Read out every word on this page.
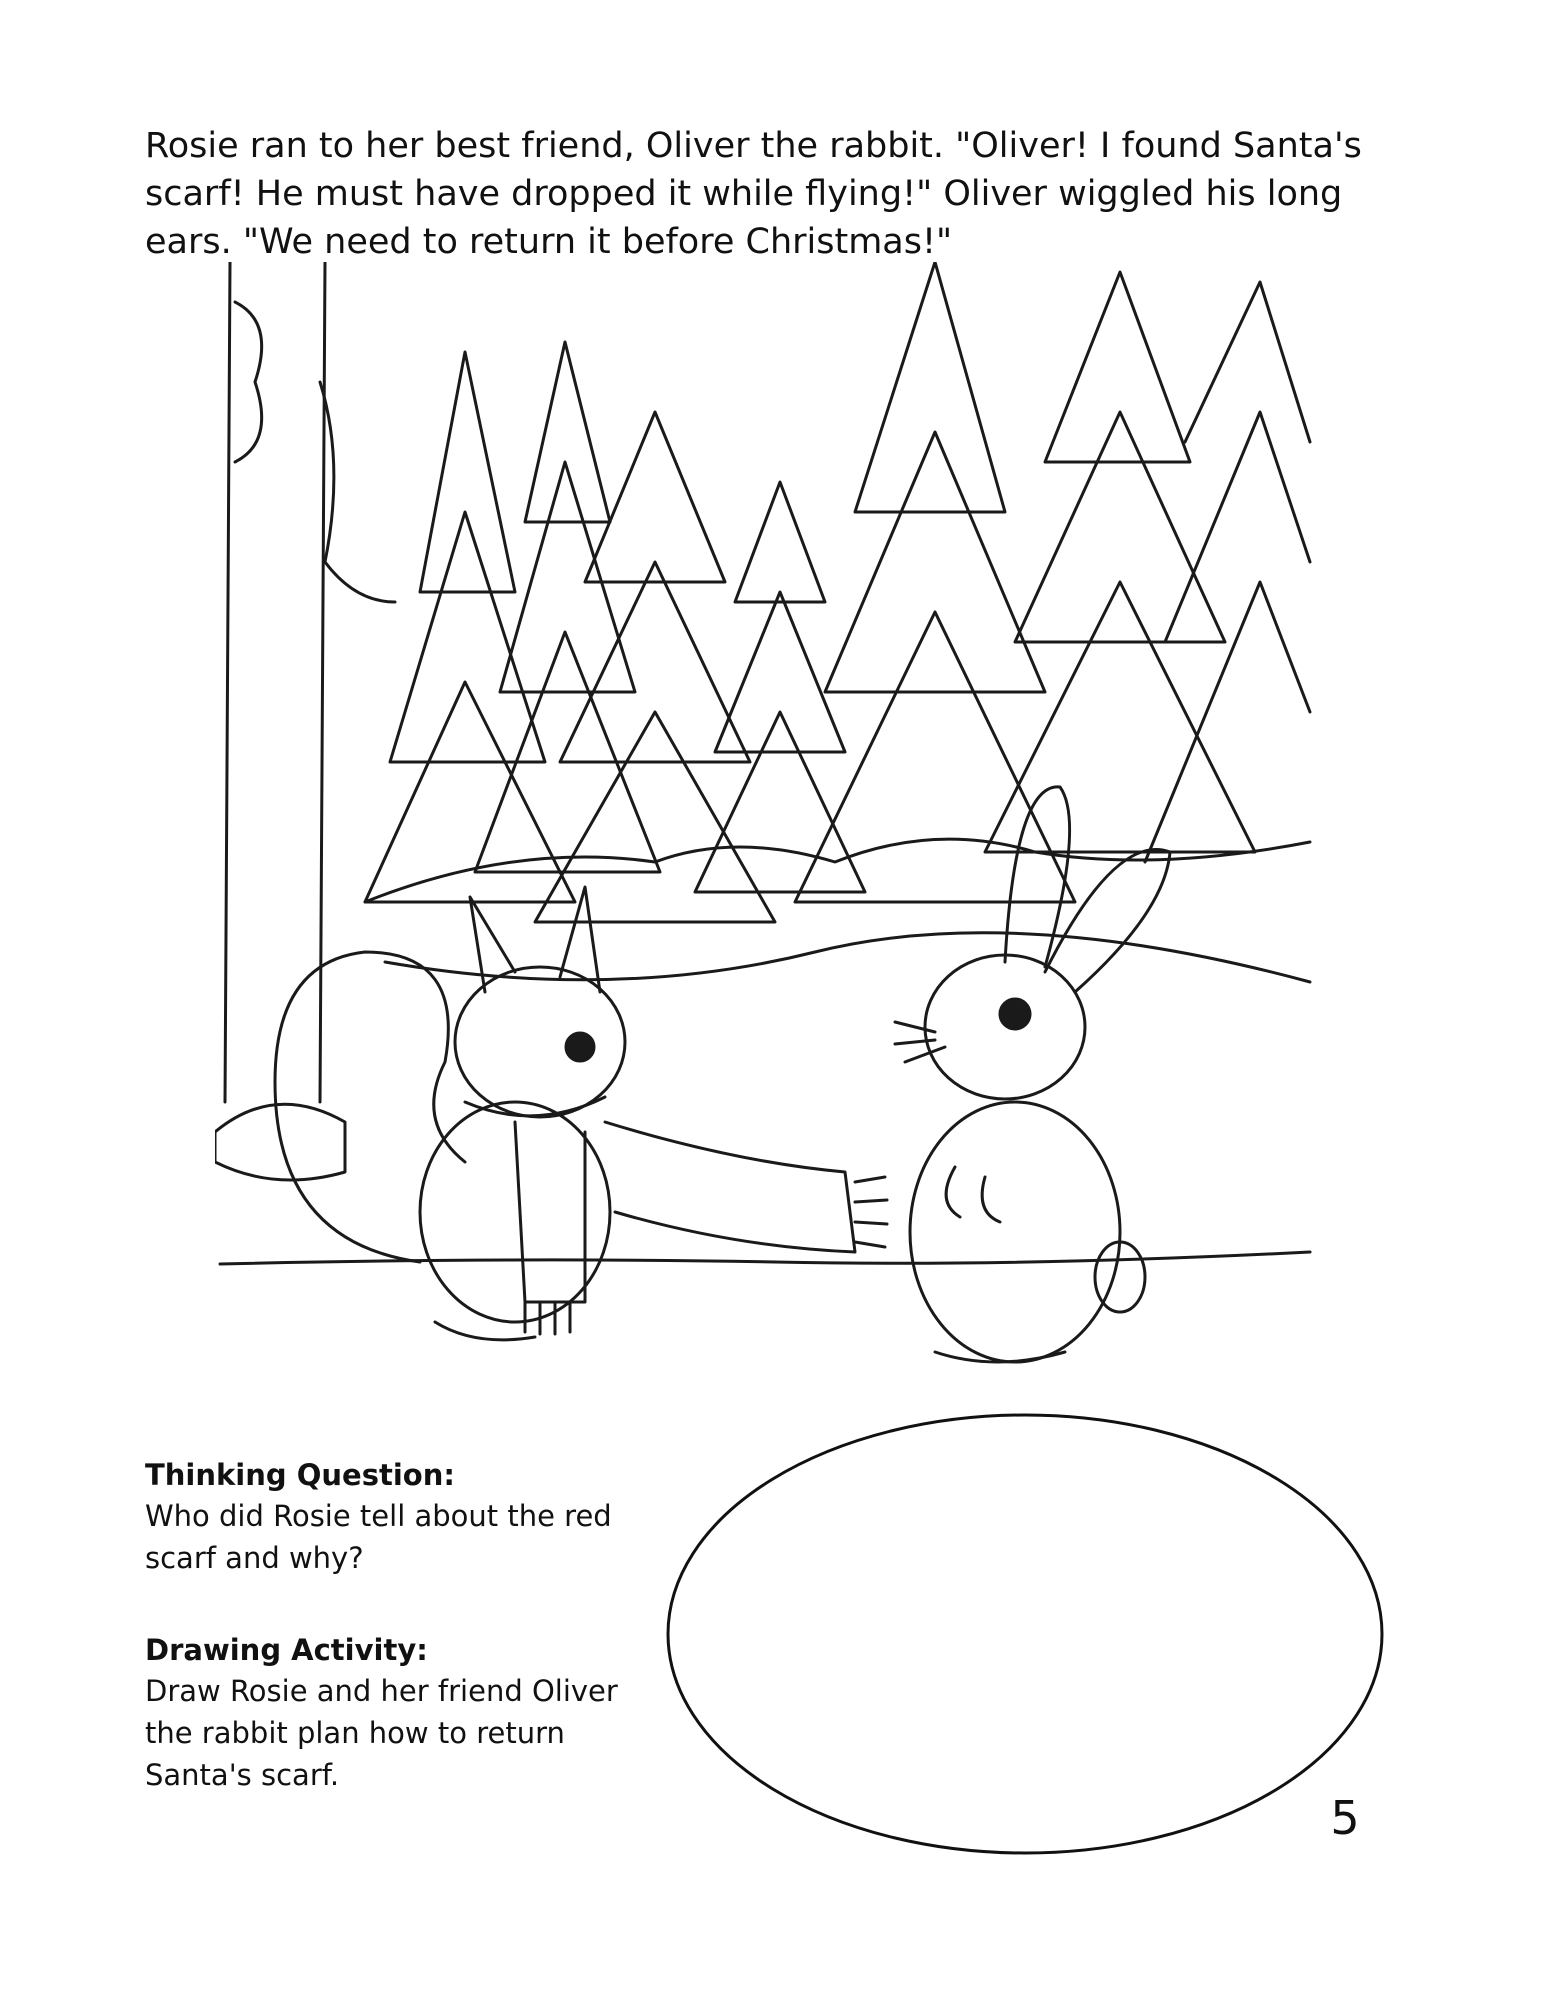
Rosie ran to her best friend, Oliver the rabbit. "Oliver! I found Santa's scarf! He must have dropped it while flying!" Oliver wiggled his long ears. "We need to return it before Christmas!"

Thinking Question:

Who did Rosie tell about the red scarf and why?

Drawing Activity:

Draw Rosie and her friend Oliver the rabbit plan how to return Santa's scarf.

5
